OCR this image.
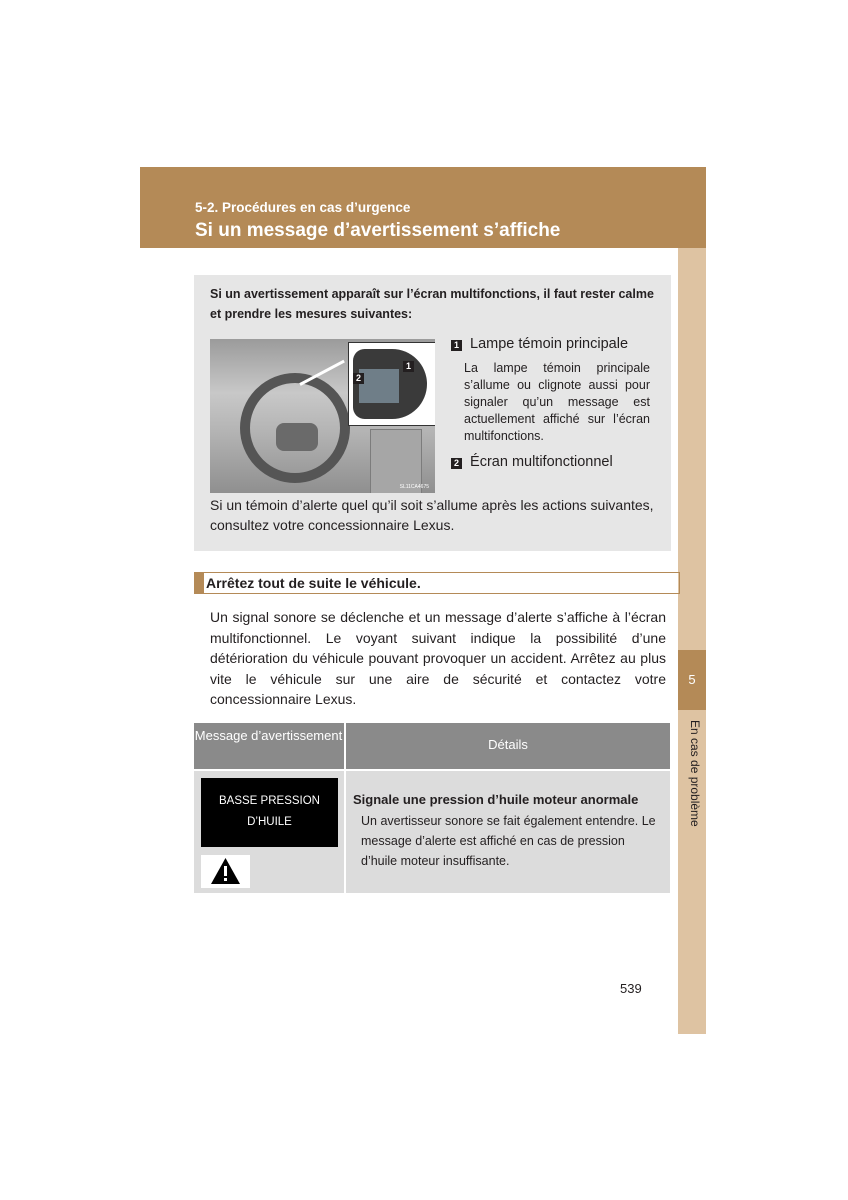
5-2. Procédures en cas d’urgence
Si un message d’avertissement s’affiche
5
En cas de problème
Si un avertissement apparaît sur l’écran multifonctions, il faut rester calme et prendre les mesures suivantes:
1
2
SL11CA4675
1 Lampe témoin principale
La lampe témoin principale s’allume ou clignote aussi pour signaler qu’un message est actuellement affiché sur l’écran multifonctions.
2 Écran multifonctionnel
Si un témoin d’alerte quel qu’il soit s’allume après les actions suivantes, consultez votre concessionnaire Lexus.
Arrêtez tout de suite le véhicule.
Un signal sonore se déclenche et un message d’alerte s’affiche à l’écran multifonctionnel. Le voyant suivant indique la possibilité d’une détérioration du véhicule pouvant provoquer un accident. Arrêtez au plus vite le véhicule sur une aire de sécurité et contactez votre concessionnaire Lexus.
Message d’avertissement
Détails
BASSE PRESSION
D’HUILE
Signale une pression d’huile moteur anormale
Un avertisseur sonore se fait également entendre. Le message d’alerte est affiché en cas de pression d’huile moteur insuffisante.
539
